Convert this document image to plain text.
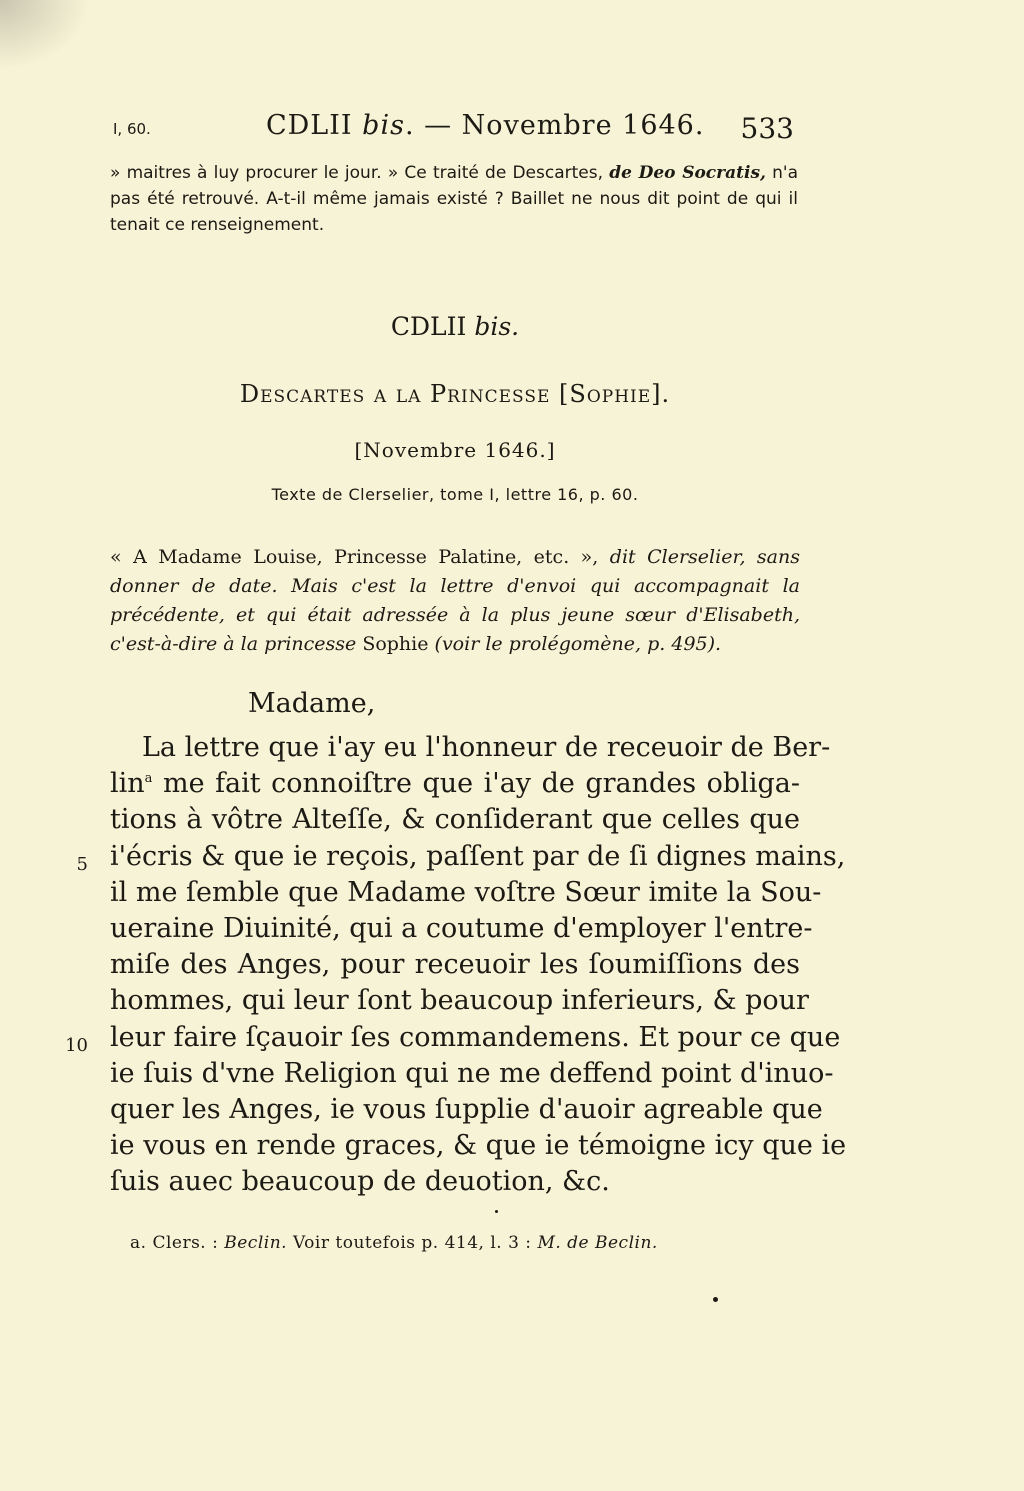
I, 60.	CDLII bis. — Novembre 1646. 533
» maitres à luy procurer le jour. » Ce traité de Descartes, de Deo Socratis, n'a pas été retrouvé. A-t-il même jamais existé ? Baillet ne nous dit point de qui il tenait ce renseignement.
CDLII bis.
Descartes a la Princesse [Sophie].
[Novembre 1646.]
Texte de Clerselier, tome I, lettre 16, p. 60.
« A Madame Louise, Princesse Palatine, etc. », dit Clerselier, sans donner de date. Mais c'est la lettre d'envoi qui accompagnait la précédente, et qui était adressée à la plus jeune sœur d'Elisabeth, c'est-à-dire à la princesse Sophie (voir le prolégomène, p. 495).
Madame,
La lettre que i'ay eu l'honneur de receuoir de Ber-
lin$^a$ me fait connoiſtre que i'ay de grandes obliga-
tions à vôtre Alteſſe, & conſiderant que celles que
5 i'écris & que ie reçois, paſſent par de ſi dignes mains,
il me ſemble que Madame voſtre Sœur imite la Sou-
ueraine Diuinité, qui a coutume d'employer l'entre-
miſe des Anges, pour receuoir les ſoumiſſions des
hommes, qui leur ſont beaucoup inferieurs, & pour
10 leur faire ſçauoir ſes commandemens. Et pour ce que
ie ſuis d'vne Religion qui ne me deffend point d'inuo-
quer les Anges, ie vous ſupplie d'auoir agreable que
ie vous en rende graces, & que ie témoigne icy que ie
ſuis auec beaucoup de deuotion, &c.
a. Clers. : Beclin. Voir toutefois p. 414, l. 3 : M. de Beclin.
